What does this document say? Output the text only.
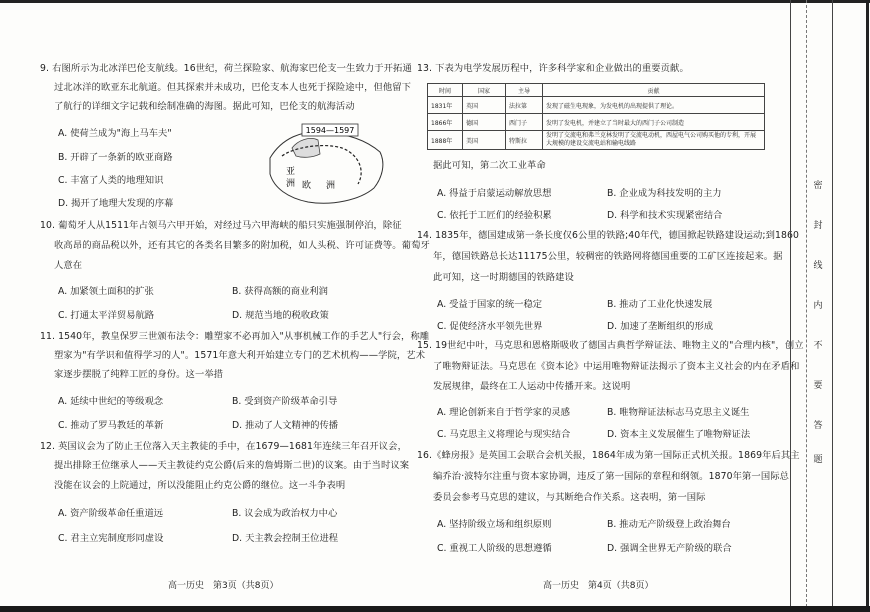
9. 右图所示为北冰洋巴伦支航线。16世纪，荷兰探险家、航海家巴伦支一生致力于开拓通
过北冰洋的欧亚东北航道。但其探索并未成功，巴伦支本人也死于探险途中，但他留下
了航行的详细文字记载和绘制准确的海图。据此可知，巴伦支的航海活动
A. 使荷兰成为"海上马车夫"
B. 开辟了一条新的欧亚商路
C. 丰富了人类的地理知识
D. 揭开了地理大发现的序幕
1594—1597
亚
洲 欧 洲
10. 葡萄牙人从1511年占领马六甲开始，对经过马六甲海峡的船只实施强制停泊，除征
收高昂的商品税以外，还有其它的各类名目繁多的附加税，如人头税、许可证费等。葡萄牙
人意在
A. 加紧领土面积的扩张	B. 获得高额的商业利润
C. 打通太平洋贸易航路	D. 规范当地的税收政策
11. 1540年，教皇保罗三世颁布法令：雕塑家不必再加入"从事机械工作的手艺人"行会，称雕
塑家为"有学识和值得学习的人"。1571年意大利开始建立专门的艺术机构——学院，艺术
家逐步摆脱了纯粹工匠的身份。这一举措
A. 延续中世纪的等级观念	B. 受到资产阶级革命引导
C. 推动了罗马教廷的革新	D. 推动了人文精神的传播
12. 英国议会为了防止王位落入天主教徒的手中，在1679—1681年连续三年召开议会，
提出排除王位继承人——天主教徒约克公爵(后来的詹姆斯二世)的议案。由于当时议案
没能在议会的上院通过，所以没能阻止约克公爵的继位。这一斗争表明
A. 资产阶级革命任重道远	B. 议会成为政治权力中心
C. 君主立宪制度形同虚设	D. 天主教会控制王位进程
高一历史　第3页（共8页）
13. 下表为电学发展历程中，许多科学家和企业做出的重要贡献。
时间	国家	主导	贡献
1831年	英国	法拉第	发现了磁生电现象，为发电机的出现提供了理论。
1866年	德国	西门子	发明了发电机，并建立了当时最大的西门子公司制造
1888年	美国	特斯拉	发明了交流电和弗兰克林发明了交流电动机，西屋电气公司购买他的专利，开展大规模的建设交流电站和输电线路
据此可知，第二次工业革命
A. 得益于启蒙运动解放思想	B. 企业成为科技发明的主力
C. 依托于工匠们的经验积累	D. 科学和技术实现紧密结合
14. 1835年，德国建成第一条长度仅6公里的铁路;40年代，德国掀起铁路建设运动;到1860
年，德国铁路总长达11175公里，较稠密的铁路网将德国重要的工矿区连接起来。据
此可知，这一时期德国的铁路建设
A. 受益于国家的统一稳定	B. 推动了工业化快速发展
C. 促使经济水平领先世界	D. 加速了垄断组织的形成
15. 19世纪中叶，马克思和恩格斯吸收了德国古典哲学辩证法、唯物主义的"合理内核"，创立
了唯物辩证法。马克思在《资本论》中运用唯物辩证法揭示了资本主义社会的内在矛盾和
发展规律，最终在工人运动中传播开来。这说明
A. 理论创新来自于哲学家的灵感	B. 唯物辩证法标志马克思主义诞生
C. 马克思主义将理论与现实结合	D. 资本主义发展催生了唯物辩证法
16.《蜂房报》是英国工会联合会机关报，1864年成为第一国际正式机关报。1869年后其主
编乔治·波特尔注重与资本家协调，违反了第一国际的章程和纲领。1870年第一国际总
委员会参考马克思的建议，与其断绝合作关系。这表明，第一国际
A. 坚持阶级立场和组织原则	B. 推动无产阶级登上政治舞台
C. 重视工人阶级的思想遵循	D. 强调全世界无产阶级的联合
高一历史　第4页（共8页）
密
封
线
内
不
要
答
题
